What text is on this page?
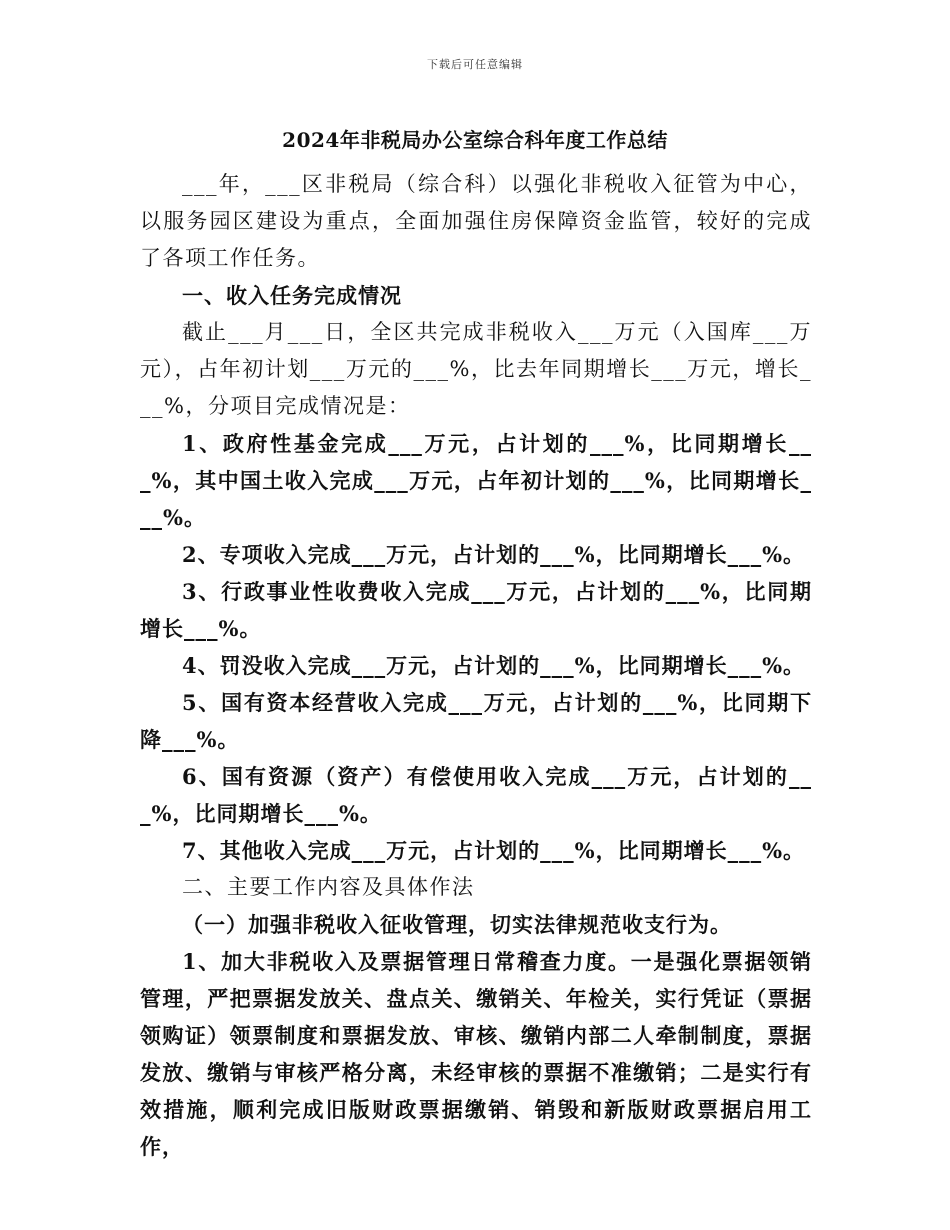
下载后可任意编辑
2024年非税局办公室综合科年度工作总结

___年，___区非税局（综合科）以强化非税收入征管为中心，以服务园区建设为重点，全面加强住房保障资金监管，较好的完成了各项工作任务。

一、收入任务完成情况

截止___月___日，全区共完成非税收入___万元（入国库___万元），占年初计划___万元的___%，比去年同期增长___万元，增长___%，分项目完成情况是：

1、政府性基金完成___万元，占计划的___%，比同期增长___%，其中国土收入完成___万元，占年初计划的___%，比同期增长___%。

2、专项收入完成___万元，占计划的___%，比同期增长___%。

3、行政事业性收费收入完成___万元，占计划的___%，比同期增长___%。

4、罚没收入完成___万元，占计划的___%，比同期增长___%。

5、国有资本经营收入完成___万元，占计划的___%，比同期下降___%。

6、国有资源（资产）有偿使用收入完成___万元，占计划的___%，比同期增长___%。

7、其他收入完成___万元，占计划的___%，比同期增长___%。

二、主要工作内容及具体作法

（一）加强非税收入征收管理，切实法律规范收支行为。

1、加大非税收入及票据管理日常稽查力度。一是强化票据领销管理，严把票据发放关、盘点关、缴销关、年检关，实行凭证（票据领购证）领票制度和票据发放、审核、缴销内部二人牵制制度，票据发放、缴销与审核严格分离，未经审核的票据不准缴销；二是实行有效措施，顺利完成旧版财政票据缴销、销毁和新版财政票据启用工作，
